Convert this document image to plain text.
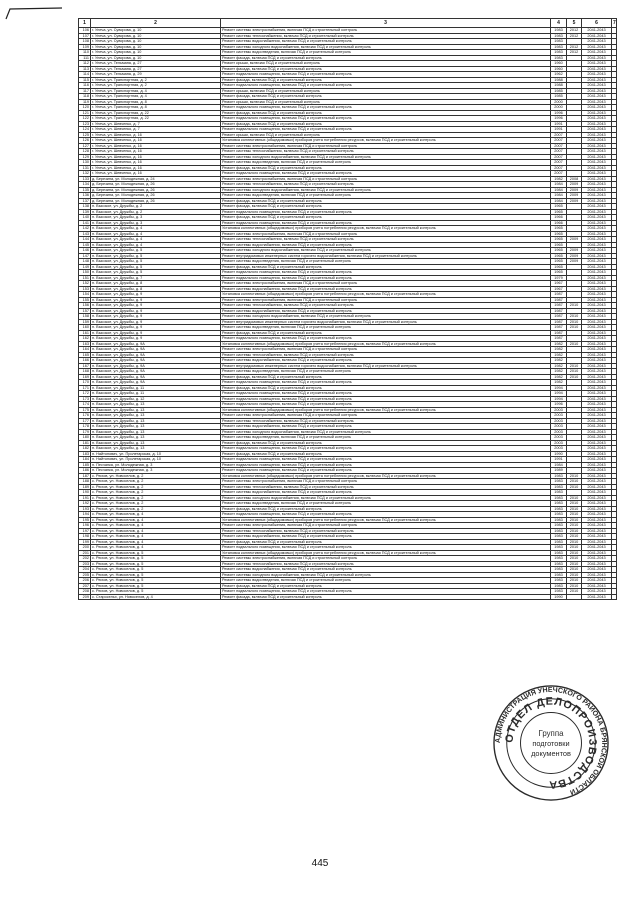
1	2	3	4	5	6	7
106	г. Унеча, ул. Суворова, д. 10	Ремонт системы электроснабжения, включая ПСД и строительный контроль	1983	2012	2041-2043	
107	г. Унеча, ул. Суворова, д. 10	Ремонт системы теплоснабжения, включая ПСД и строительный контроль	1983	2012	2041-2043	
108	г. Унеча, ул. Суворова, д. 10	Ремонт системы водоснабжения, включая ПСД и строительный контроль	1983		2041-2043	
109	г. Унеча, ул. Суворова, д. 10	Ремонт системы холодного водоснабжения, включая ПСД и строительный контроль	1983	2012	2041-2043	
110	г. Унеча, ул. Суворова, д. 10	Ремонт системы водоотведения, включая ПСД и строительный контроль	1983	2012	2041-2043	
111	г. Унеча, ул. Суворова, д. 10	Ремонт фасада, включая ПСД и строительный контроль	1983		2041-2043	
112	г. Унеча, ул. Тельмана, д. 27	Ремонт крыши, включая ПСД и строительный контроль	1960		2041-2043	
113	г. Унеча, ул. Тельмана, д. 27	Ремонт фасада, включая ПСД и строительный контроль	1960		2041-2043	
114	г. Унеча, ул. Тельмана, д. 29	Ремонт подвального помещения, включая ПСД и строительный контроль	1962		2041-2043	
115	г. Унеча, ул. Транспортная, д. 2	Ремонт фасада, включая ПСД и строительный контроль	1988		2041-2043	
116	г. Унеча, ул. Транспортная, д. 2	Ремонт подвального помещения, включая ПСД и строительный контроль	1988		2041-2043	
117	г. Унеча, ул. Транспортная, д. 4	Ремонт крыши, включая ПСД и строительный контроль	1985		2041-2043	
118	г. Унеча, ул. Транспортная, д. 4	Ремонт фасада, включая ПСД и строительный контроль	1985		2041-2043	
119	г. Унеча, ул. Транспортная, д. 8	Ремонт крыши, включая ПСД и строительный контроль	2000		2041-2043	
120	г. Унеча, ул. Транспортная, д. 8	Ремонт подвального помещения, включая ПСД и строительный контроль	2000		2041-2043	
121	г. Унеча, ул. Транспортная, д. 22	Ремонт фасада, включая ПСД и строительный контроль	1996		2041-2043	
122	г. Унеча, ул. Транспортная, д. 22	Ремонт подвального помещения, включая ПСД и строительный контроль	1996		2041-2043	
123	г. Унеча, ул. Шевченко, д. 7	Ремонт фасада, включая ПСД и строительный контроль	1991		2041-2043	
124	г. Унеча, ул. Шевченко, д. 7	Ремонт подвального помещения, включая ПСД и строительный контроль	1991		2041-2043	
125	г. Унеча, ул. Шевченко, д. 16	Ремонт крыши, включая ПСД и строительный контроль	2007		2041-2043	
126	г. Унеча, ул. Шевченко, д. 16	Установка коллективных (общедомовых) приборов учета потребления ресурсов, включая ПСД и строительный контроль	2007		2041-2043	
127	г. Унеча, ул. Шевченко, д. 16	Ремонт системы электроснабжения, включая ПСД и строительный контроль	2007		2041-2043	
128	г. Унеча, ул. Шевченко, д. 16	Ремонт системы теплоснабжения, включая ПСД и строительный контроль	2007		2041-2043	
129	г. Унеча, ул. Шевченко, д. 16	Ремонт системы холодного водоснабжения, включая ПСД и строительный контроль	2007		2041-2043	
130	г. Унеча, ул. Шевченко, д. 16	Ремонт системы водоотведения, включая ПСД и строительный контроль	2007		2041-2043	
131	г. Унеча, ул. Шевченко, д. 16	Ремонт фасада, включая ПСД и строительный контроль	2007		2041-2043	
132	г. Унеча, ул. Шевченко, д. 16	Ремонт подвального помещения, включая ПСД и строительный контроль	2007		2041-2043	
133	д. Березина, ул. Молодежная, д. 24	Ремонт системы электроснабжения, включая ПСД и строительный контроль	1982	2008	2041-2043	
134	д. Березина, ул. Молодежная, д. 26	Ремонт системы теплоснабжения, включая ПСД и строительный контроль	1984	2009	2041-2043	
135	д. Березина, ул. Молодежная, д. 26	Ремонт системы холодного водоснабжения, включая ПСД и строительный контроль	1984	2009	2041-2043	
136	д. Березина, ул. Молодежная, д. 26	Ремонт системы водоотведения, включая ПСД и строительный контроль	1984	2009	2041-2043	
137	д. Березина, ул. Молодежная, д. 26	Ремонт фасада, включая ПСД и строительный контроль	1984	2009	2041-2043	
138	п. Высокое, ул. Дружбы, д. 2	Ремонт фасада, включая ПСД и строительный контроль	1965		2041-2043	
139	п. Высокое, ул. Дружбы, д. 2	Ремонт подвального помещения, включая ПСД и строительный контроль	1965		2041-2043	
140	п. Высокое, ул. Дружбы, д. 3	Ремонт фасада, включая ПСД и строительный контроль	1966		2041-2043	
141	п. Высокое, ул. Дружбы, д. 3	Ремонт подвального помещения, включая ПСД и строительный контроль	1966		2041-2043	
142	п. Высокое, ул. Дружбы, д. 4	Установка коллективных (общедомовых) приборов учета потребления ресурсов, включая ПСД и строительный контроль	1965		2041-2043	
143	п. Высокое, ул. Дружбы, д. 4	Ремонт системы электроснабжения, включая ПСД и строительный контроль	1965		2041-2043	
144	п. Высокое, ул. Дружбы, д. 4	Ремонт системы теплоснабжения, включая ПСД и строительный контроль	1965	2009	2041-2043	
145	п. Высокое, ул. Дружбы, д. 4	Ремонт системы водоснабжения, включая ПСД и строительный контроль	1965		2041-2043	
146	п. Высокое, ул. Дружбы, д. 5	Ремонт системы холодного водоснабжения, включая ПСД и строительный контроль	1965	2009	2041-2043	
147	п. Высокое, ул. Дружбы, д. 5	Ремонт внутридомовых инженерных систем горячего водоснабжения, включая ПСД и строительный контроль	1965	2009	2041-2043	
148	п. Высокое, ул. Дружбы, д. 5	Ремонт системы водоотведения, включая ПСД и строительный контроль	1965	2009	2041-2043	
149	п. Высокое, ул. Дружбы, д. 5	Ремонт фасада, включая ПСД и строительный контроль	1965		2041-2043	
150	п. Высокое, ул. Дружбы, д. 5	Ремонт подвального помещения, включая ПСД и строительный контроль	1965		2041-2043	
151	п. Высокое, ул. Дружбы, д. 7	Ремонт подвального помещения, включая ПСД и строительный контроль	1979		2041-2043	
152	п. Высокое, ул. Дружбы, д. 8	Ремонт системы электроснабжения, включая ПСД и строительный контроль	1967		2041-2043	
153	п. Высокое, ул. Дружбы, д. 8	Ремонт системы водоснабжения, включая ПСД и строительный контроль	1967		2041-2043	
154	п. Высокое, ул. Дружбы, д. 9	Установка коллективных (общедомовых) приборов учета потребления ресурсов, включая ПСД и строительный контроль	1987		2041-2043	
155	п. Высокое, ул. Дружбы, д. 9	Ремонт системы электроснабжения, включая ПСД и строительный контроль	1987		2041-2043	
156	п. Высокое, ул. Дружбы, д. 9	Ремонт системы теплоснабжения, включая ПСД и строительный контроль	1987	2010	2041-2043	
157	п. Высокое, ул. Дружбы, д. 9	Ремонт системы водоснабжения, включая ПСД и строительный контроль	1987		2041-2043	
158	п. Высокое, ул. Дружбы, д. 9	Ремонт системы холодного водоснабжения, включая ПСД и строительный контроль	1987	2010	2041-2043	
159	п. Высокое, ул. Дружбы, д. 9	Ремонт внутридомовых инженерных систем горячего водоснабжения, включая ПСД и строительный контроль	1987	2010	2041-2043	
160	п. Высокое, ул. Дружбы, д. 9	Ремонт системы водоотведения, включая ПСД и строительный контроль	1987	2010	2041-2043	
161	п. Высокое, ул. Дружбы, д. 9	Ремонт фасада, включая ПСД и строительный контроль	1987		2041-2043	
162	п. Высокое, ул. Дружбы, д. 9	Ремонт подвального помещения, включая ПСД и строительный контроль	1987		2041-2043	
163	п. Высокое, ул. Дружбы, д. 9А	Установка коллективных (общедомовых) приборов учета потребления ресурсов, включая ПСД и строительный контроль	1982	2010	2041-2043	
164	п. Высокое, ул. Дружбы, д. 9А	Ремонт системы электроснабжения, включая ПСД и строительный контроль	1982		2041-2043	
165	п. Высокое, ул. Дружбы, д. 9А	Ремонт системы теплоснабжения, включая ПСД и строительный контроль	1982		2041-2043	
166	п. Высокое, ул. Дружбы, д. 9А	Ремонт системы водоснабжения, включая ПСД и строительный контроль	1982		2041-2043	
167	п. Высокое, ул. Дружбы, д. 9А	Ремонт внутридомовых инженерных систем горячего водоснабжения, включая ПСД и строительный контроль	1982	2010	2041-2043	
168	п. Высокое, ул. Дружбы, д. 9А	Ремонт системы водоотведения, включая ПСД и строительный контроль	1982	2010	2041-2043	
169	п. Высокое, ул. Дружбы, д. 9А	Ремонт фасада, включая ПСД и строительный контроль	1982	2010	2041-2043	
170	п. Высокое, ул. Дружбы, д. 9А	Ремонт подвального помещения, включая ПСД и строительный контроль	1982		2041-2043	
171	п. Высокое, ул. Дружбы, д. 11	Ремонт фасада, включая ПСД и строительный контроль	1994		2041-2043	
172	п. Высокое, ул. Дружбы, д. 11	Ремонт подвального помещения, включая ПСД и строительный контроль	1994		2041-2043	
173	п. Высокое, ул. Дружбы, д. 12	Ремонт подвального помещения, включая ПСД и строительный контроль	1994		2041-2043	
174	п. Высокое, ул. Дружбы, д. 13	Ремонт подвального помещения, включая ПСД и строительный контроль	1996		2041-2043	
175	п. Высокое, ул. Дружбы, д. 13	Установка коллективных (общедомовых) приборов учета потребления ресурсов, включая ПСД и строительный контроль	2003		2041-2043	
176	п. Высокое, ул. Дружбы, д. 13	Ремонт системы электроснабжения, включая ПСД и строительный контроль	2003		2041-2043	
177	п. Высокое, ул. Дружбы, д. 13	Ремонт системы теплоснабжения, включая ПСД и строительный контроль	2003		2041-2043	
178	п. Высокое, ул. Дружбы, д. 13	Ремонт системы водоснабжения, включая ПСД и строительный контроль	2003		2041-2043	
179	п. Высокое, ул. Дружбы, д. 13	Ремонт системы холодного водоснабжения, включая ПСД и строительный контроль	2003		2041-2043	
180	п. Высокое, ул. Дружбы, д. 13	Ремонт системы водоотведения, включая ПСД и строительный контроль	2003		2041-2043	
181	п. Высокое, ул. Дружбы, д. 13	Ремонт фасада, включая ПСД и строительный контроль	2003		2041-2043	
182	п. Высокое, ул. Дружбы, д. 13	Ремонт подвального помещения, включая ПСД и строительный контроль	2003		2041-2043	
183	п. Найтопович, ул. Пролетарская, д. 10	Ремонт фасада, включая ПСД и строительный контроль	1990		2041-2043	
184	п. Найтопович, ул. Пролетарская, д. 10	Ремонт подвального помещения, включая ПСД и строительный контроль	1991		2041-2043	
185	п. Песчанка, ул. Молодежная, д. 3	Ремонт подвального помещения, включая ПСД и строительный контроль	1984		2041-2043	
186	п. Песчанка, ул. Молодежная, д. 3	Ремонт подвального помещения, включая ПСД и строительный контроль	1989		2041-2043	
187	с. Рюхов, ул. Новоселов, д. 2	Установка коллективных (общедомовых) приборов учета потребления ресурсов, включая ПСД и строительный контроль	1983	2010	2041-2043	
188	с. Рюхов, ул. Новоселов, д. 2	Ремонт системы электроснабжения, включая ПСД и строительный контроль	1983	2010	2041-2043	
189	с. Рюхов, ул. Новоселов, д. 2	Ремонт системы теплоснабжения, включая ПСД и строительный контроль	1983	2010	2041-2043	
190	с. Рюхов, ул. Новоселов, д. 2	Ремонт системы водоснабжения, включая ПСД и строительный контроль	1983		2041-2043	
191	с. Рюхов, ул. Новоселов, д. 2	Ремонт системы холодного водоснабжения, включая ПСД и строительный контроль	1983	2010	2041-2043	
192	с. Рюхов, ул. Новоселов, д. 2	Ремонт системы водоотведения, включая ПСД и строительный контроль	1983	2010	2041-2043	
193	с. Рюхов, ул. Новоселов, д. 2	Ремонт фасада, включая ПСД и строительный контроль	1983	2010	2041-2043	
194	с. Рюхов, ул. Новоселов, д. 4	Ремонт подвального помещения, включая ПСД и строительный контроль	1983	2010	2041-2043	
195	с. Рюхов, ул. Новоселов, д. 4	Установка коллективных (общедомовых) приборов учета потребления ресурсов, включая ПСД и строительный контроль	1983	2010	2041-2043	
196	с. Рюхов, ул. Новоселов, д. 4	Ремонт системы электроснабжения, включая ПСД и строительный контроль	1983	2010	2041-2043	
197	с. Рюхов, ул. Новоселов, д. 4	Ремонт системы теплоснабжения, включая ПСД и строительный контроль	1983	2010	2041-2043	
198	с. Рюхов, ул. Новоселов, д. 4	Ремонт системы водоснабжения, включая ПСД и строительный контроль	1983	2010	2041-2043	
199	с. Рюхов, ул. Новоселов, д. 4	Ремонт фасада, включая ПСД и строительный контроль	1983	2010	2041-2043	
200	с. Рюхов, ул. Новоселов, д. 4	Ремонт подвального помещения, включая ПСД и строительный контроль	1983	2010	2041-2043	
201	с. Рюхов, ул. Новоселов, д. 5	Установка коллективных (общедомовых) приборов учета потребления ресурсов, включая ПСД и строительный контроль	1983	2010	2041-2043	
202	с. Рюхов, ул. Новоселов, д. 5	Ремонт системы электроснабжения, включая ПСД и строительный контроль	1983	2010	2041-2043	
203	с. Рюхов, ул. Новоселов, д. 5	Ремонт системы теплоснабжения, включая ПСД и строительный контроль	1983	2010	2041-2043	
204	с. Рюхов, ул. Новоселов, д. 5	Ремонт системы водоснабжения, включая ПСД и строительный контроль	1983	2010	2041-2043	
205	с. Рюхов, ул. Новоселов, д. 5	Ремонт системы холодного водоснабжения, включая ПСД и строительный контроль	1983	2010	2041-2043	
206	с. Рюхов, ул. Новоселов, д. 5	Ремонт системы водоотведения, включая ПСД и строительный контроль	1983	2010	2041-2043	
207	с. Рюхов, ул. Новоселов, д. 5	Ремонт фасада, включая ПСД и строительный контроль	1983	2010	2041-2043	
208	с. Рюхов, ул. Новоселов, д. 5	Ремонт подвального помещения, включая ПСД и строительный контроль	1983	2010	2041-2043	
209	с. Старосельх, ул. Новоселов, д. 4	Ремонт фасада, включая ПСД и строительный контроль	1990		2041-2043	
АДМИНИСТРАЦИЯ УНЕЧСКОГО РАЙОНА БРЯНСКОЙ ОБЛАСТИ
ОТДЕЛ ДЕЛОПРОИЗВОДСТВА
Группа
подготовки
документов
445
